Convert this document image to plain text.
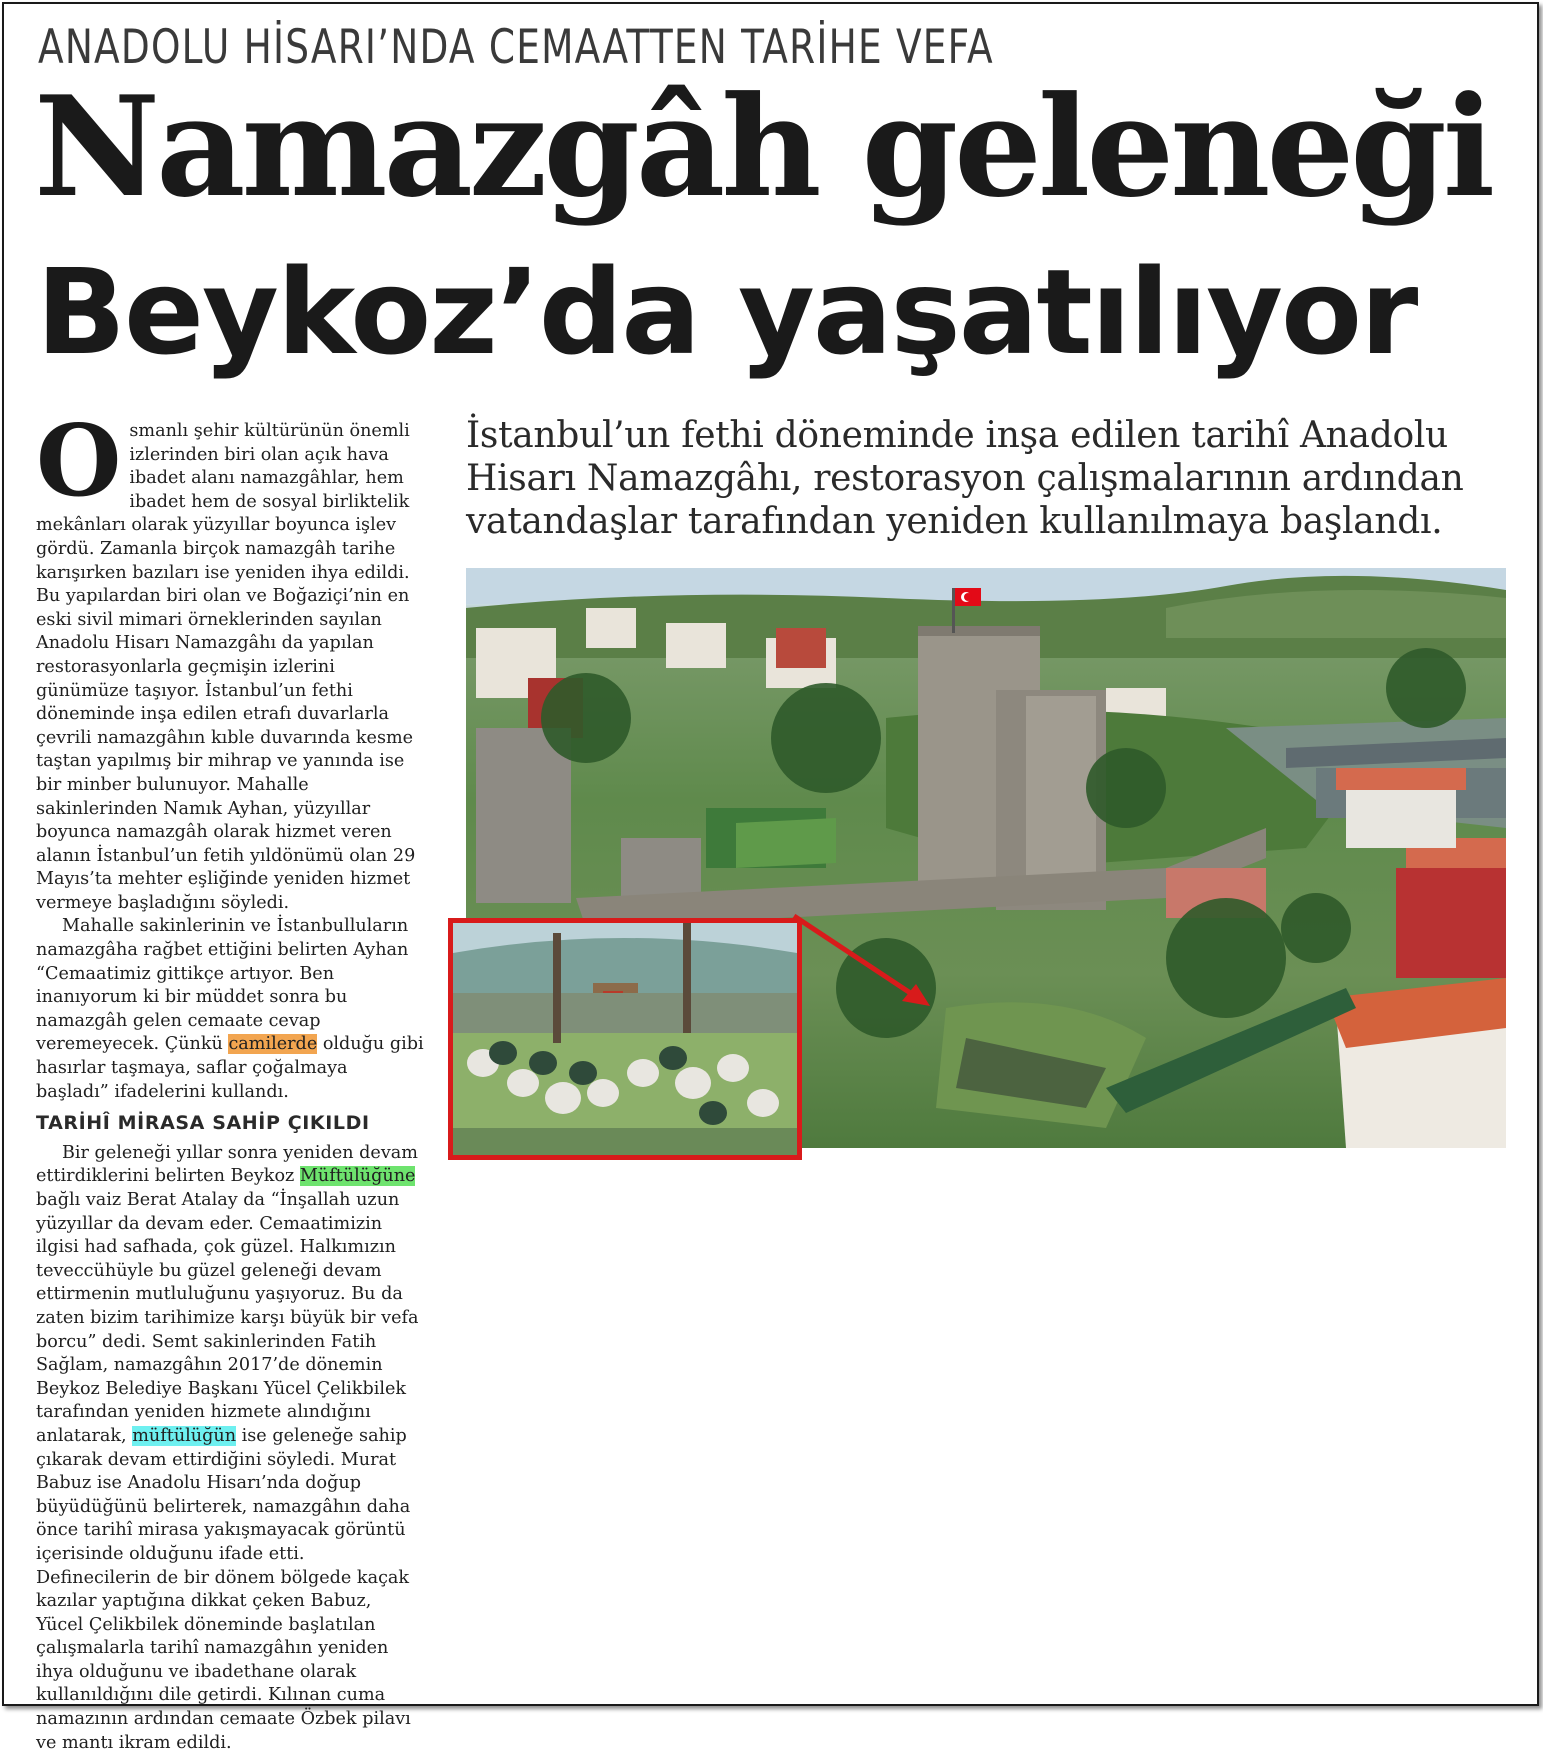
ANADOLU HİSARI’NDA CEMAATTEN TARİHE VEFA
Namazgâh geleneği
Beykoz’da yaşatılıyor

İstanbul’un fethi döneminde inşa edilen tarihî Anadolu

Hisarı Namazgâhı, restorasyon çalışmalarının ardından

vatandaşlar tarafından yeniden kullanılmaya başlandı.

Osmanlı şehir kültürünün önemli izlerinden biri olan açık hava ibadet alanı namazgâhlar, hem ibadet hem de sosyal birliktelik mekânları olarak yüzyıllar boyunca işlev gördü. Zamanla birçok namazgâh tarihe karışırken bazıları ise yeniden ihya edildi. Bu yapılardan biri olan ve Boğaziçi’nin en eski sivil mimari örneklerinden sayılan Anadolu Hisarı Namazgâhı da yapılan restorasyonlarla geçmişin izlerini günümüze taşıyor. İstanbul’un fethi döneminde inşa edilen etrafı duvarlarla çevrili namazgâhın kıble duvarında kesme taştan yapılmış bir mihrap ve yanında ise bir minber bulunuyor. Mahalle sakinlerinden Namık Ayhan, yüzyıllar boyunca namazgâh olarak hizmet veren alanın İstanbul’un fetih yıldönümü olan 29 Mayıs’ta mehter eşliğinde yeniden hizmet vermeye başladığını söyledi.

Mahalle sakinlerinin ve İstanbulluların namazgâha rağbet ettiğini belirten Ayhan “Cemaatimiz gittikçe artıyor. Ben inanıyorum ki bir müddet sonra bu namazgâh gelen cemaate cevap veremeyecek. Çünkü camilerde olduğu gibi hasırlar taşmaya, saflar çoğalmaya başladı” ifadelerini kullandı.

TARİHÎ MİRASA SAHİP ÇIKILDI

Bir geleneği yıllar sonra yeniden devam ettirdiklerini belirten Beykoz Müftülüğüne bağlı vaiz Berat Atalay da “İnşallah uzun yüzyıllar da devam eder. Cemaatimizin ilgisi had safhada, çok güzel. Halkımızın teveccühüyle bu güzel geleneği devam ettirmenin mutluluğunu yaşıyoruz. Bu da zaten bizim tarihimize karşı büyük bir vefa borcu” dedi. Semt sakinlerinden Fatih Sağlam, namazgâhın 2017’de dönemin Beykoz Belediye Başkanı Yücel Çelikbilek tarafından yeniden hizmete alındığını anlatarak, müftülüğün ise geleneğe sahip çıkarak devam ettirdiğini söyledi. Murat Babuz ise Anadolu Hisarı’nda doğup büyüdüğünü belirterek, namazgâhın daha önce tarihî mirasa yakışmayacak görüntü içerisinde olduğunu ifade etti. Definecilerin de bir dönem bölgede kaçak kazılar yaptığına dikkat çeken Babuz, Yücel Çelikbilek döneminde başlatılan çalışmalarla tarihî namazgâhın yeniden ihya olduğunu ve ibadethane olarak kullanıldığını dile getirdi. Kılınan cuma namazının ardından cemaate Özbek pilavı ve mantı ikram edildi.
